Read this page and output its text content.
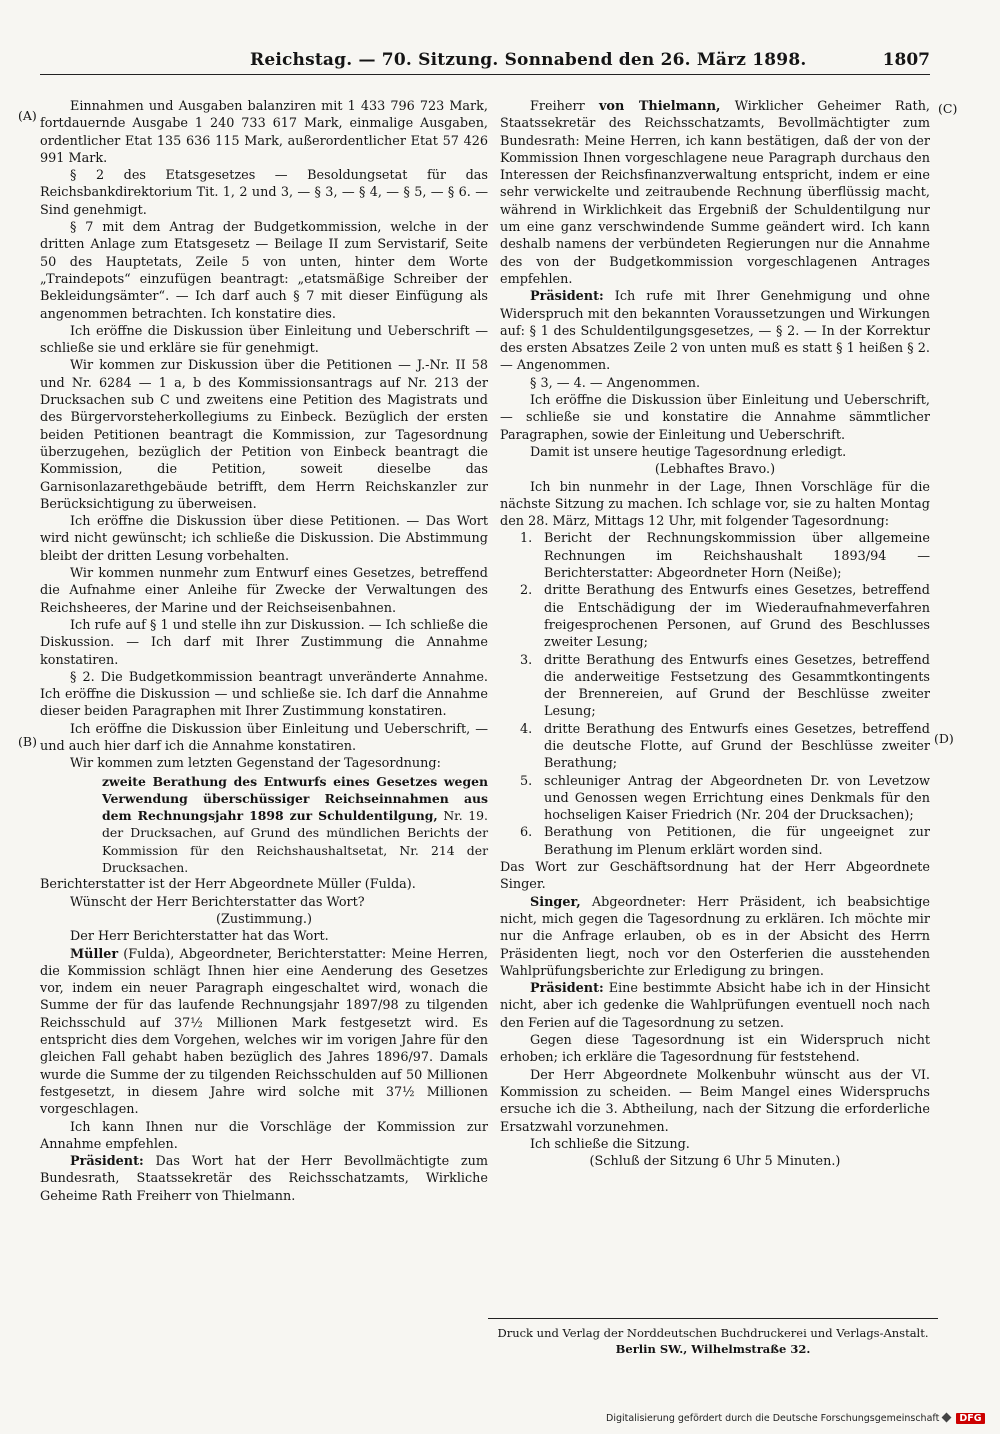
Reichstag. — 70. Sitzung. Sonnabend den 26. März 1898.	1807
(A)
(B)
(C)
(D)

Einnahmen und Ausgaben balanziren mit 1 433 796 723 Mark, fortdauernde Ausgabe 1 240 733 617 Mark, einmalige Ausgaben, ordentlicher Etat 135 636 115 Mark, außerordentlicher Etat 57 426 991 Mark.

§ 2 des Etatsgesetzes — Besoldungsetat für das Reichsbankdirektorium Tit. 1, 2 und 3, — § 3, — § 4, — § 5, — § 6. — Sind genehmigt.

§ 7 mit dem Antrag der Budgetkommission, welche in der dritten Anlage zum Etatsgesetz — Beilage II zum Servistarif, Seite 50 des Hauptetats, Zeile 5 von unten, hinter dem Worte „Traindepots“ einzufügen beantragt: „etatsmäßige Schreiber der Bekleidungsämter“. — Ich darf auch § 7 mit dieser Einfügung als angenommen betrachten. Ich konstatire dies.

Ich eröffne die Diskussion über Einleitung und Ueberschrift — schließe sie und erkläre sie für genehmigt.

Wir kommen zur Diskussion über die Petitionen — J.-Nr. II 58 und Nr. 6284 — 1 a, b des Kommissionsantrags auf Nr. 213 der Drucksachen sub C und zweitens eine Petition des Magistrats und des Bürgervorsteherkollegiums zu Einbeck. Bezüglich der ersten beiden Petitionen beantragt die Kommission, zur Tagesordnung überzugehen, bezüglich der Petition von Einbeck beantragt die Kommission, die Petition, soweit dieselbe das Garnisonlazarethgebäude betrifft, dem Herrn Reichskanzler zur Berücksichtigung zu überweisen.

Ich eröffne die Diskussion über diese Petitionen. — Das Wort wird nicht gewünscht; ich schließe die Diskussion. Die Abstimmung bleibt der dritten Lesung vorbehalten.

Wir kommen nunmehr zum Entwurf eines Gesetzes, betreffend die Aufnahme einer Anleihe für Zwecke der Verwaltungen des Reichsheeres, der Marine und der Reichseisenbahnen.

Ich rufe auf § 1 und stelle ihn zur Diskussion. — Ich schließe die Diskussion. — Ich darf mit Ihrer Zustimmung die Annahme konstatiren.

§ 2. Die Budgetkommission beantragt unveränderte Annahme. Ich eröffne die Diskussion — und schließe sie. Ich darf die Annahme dieser beiden Paragraphen mit Ihrer Zustimmung konstatiren.

Ich eröffne die Diskussion über Einleitung und Ueberschrift, — und auch hier darf ich die Annahme konstatiren.

Wir kommen zum letzten Gegenstand der Tagesordnung:

zweite Berathung des Entwurfs eines Gesetzes wegen Verwendung überschüssiger Reichseinnahmen aus dem Rechnungsjahr 1898 zur Schuldentilgung, Nr. 19. der Drucksachen, auf Grund des mündlichen Berichts der Kommission für den Reichshaushaltsetat, Nr. 214 der Drucksachen.

Berichterstatter ist der Herr Abgeordnete Müller (Fulda).

Wünscht der Herr Berichterstatter das Wort?

(Zustimmung.)

Der Herr Berichterstatter hat das Wort.

Müller (Fulda), Abgeordneter, Berichterstatter: Meine Herren, die Kommission schlägt Ihnen hier eine Aenderung des Gesetzes vor, indem ein neuer Paragraph eingeschaltet wird, wonach die Summe der für das laufende Rechnungsjahr 1897/98 zu tilgenden Reichsschuld auf 37½ Millionen Mark festgesetzt wird. Es entspricht dies dem Vorgehen, welches wir im vorigen Jahre für den gleichen Fall gehabt haben bezüglich des Jahres 1896/97. Damals wurde die Summe der zu tilgenden Reichsschulden auf 50 Millionen festgesetzt, in diesem Jahre wird solche mit 37½ Millionen vorgeschlagen.

Ich kann Ihnen nur die Vorschläge der Kommission zur Annahme empfehlen.

Präsident: Das Wort hat der Herr Bevollmächtigte zum Bundesrath, Staatssekretär des Reichsschatzamts, Wirkliche Geheime Rath Freiherr von Thielmann.

Freiherr von Thielmann, Wirklicher Geheimer Rath, Staatssekretär des Reichsschatzamts, Bevollmächtigter zum Bundesrath: Meine Herren, ich kann bestätigen, daß der von der Kommission Ihnen vorgeschlagene neue Paragraph durchaus den Interessen der Reichsfinanzverwaltung entspricht, indem er eine sehr verwickelte und zeitraubende Rechnung überflüssig macht, während in Wirklichkeit das Ergebniß der Schuldentilgung nur um eine ganz verschwindende Summe geändert wird. Ich kann deshalb namens der verbündeten Regierungen nur die Annahme des von der Budgetkommission vorgeschlagenen Antrages empfehlen.

Präsident: Ich rufe mit Ihrer Genehmigung und ohne Widerspruch mit den bekannten Voraussetzungen und Wirkungen auf: § 1 des Schuldentilgungsgesetzes, — § 2. — In der Korrektur des ersten Absatzes Zeile 2 von unten muß es statt § 1 heißen § 2. — Angenommen.

§ 3, — 4. — Angenommen.

Ich eröffne die Diskussion über Einleitung und Ueberschrift, — schließe sie und konstatire die Annahme sämmtlicher Paragraphen, sowie der Einleitung und Ueberschrift.

Damit ist unsere heutige Tagesordnung erledigt.

(Lebhaftes Bravo.)

Ich bin nunmehr in der Lage, Ihnen Vorschläge für die nächste Sitzung zu machen. Ich schlage vor, sie zu halten Montag den 28. März, Mittags 12 Uhr, mit folgender Tagesordnung:

1. Bericht der Rechnungskommission über allgemeine Rechnungen im Reichshaushalt 1893/94 — Berichterstatter: Abgeordneter Horn (Neiße);
2. dritte Berathung des Entwurfs eines Gesetzes, betreffend die Entschädigung der im Wiederaufnahmeverfahren freigesprochenen Personen, auf Grund des Beschlusses zweiter Lesung;
3. dritte Berathung des Entwurfs eines Gesetzes, betreffend die anderweitige Festsetzung des Gesammtkontingents der Brennereien, auf Grund der Beschlüsse zweiter Lesung;
4. dritte Berathung des Entwurfs eines Gesetzes, betreffend die deutsche Flotte, auf Grund der Beschlüsse zweiter Berathung;
5. schleuniger Antrag der Abgeordneten Dr. von Levetzow und Genossen wegen Errichtung eines Denkmals für den hochseligen Kaiser Friedrich (Nr. 204 der Drucksachen);
6. Berathung von Petitionen, die für ungeeignet zur Berathung im Plenum erklärt worden sind.

Das Wort zur Geschäftsordnung hat der Herr Abgeordnete Singer.

Singer, Abgeordneter: Herr Präsident, ich beabsichtige nicht, mich gegen die Tagesordnung zu erklären. Ich möchte mir nur die Anfrage erlauben, ob es in der Absicht des Herrn Präsidenten liegt, noch vor den Osterferien die ausstehenden Wahlprüfungsberichte zur Erledigung zu bringen.

Präsident: Eine bestimmte Absicht habe ich in der Hinsicht nicht, aber ich gedenke die Wahlprüfungen eventuell noch nach den Ferien auf die Tagesordnung zu setzen.

Gegen diese Tagesordnung ist ein Widerspruch nicht erhoben; ich erkläre die Tagesordnung für feststehend.

Der Herr Abgeordnete Molkenbuhr wünscht aus der VI. Kommission zu scheiden. — Beim Mangel eines Widerspruchs ersuche ich die 3. Abtheilung, nach der Sitzung die erforderliche Ersatzwahl vorzunehmen.

Ich schließe die Sitzung.

(Schluß der Sitzung 6 Uhr 5 Minuten.)

Druck und Verlag der Norddeutschen Buchdruckerei und Verlags-Anstalt.
Berlin SW., Wilhelmstraße 32.
Digitalisierung gefördert durch die Deutsche Forschungsgemeinschaft DFG
